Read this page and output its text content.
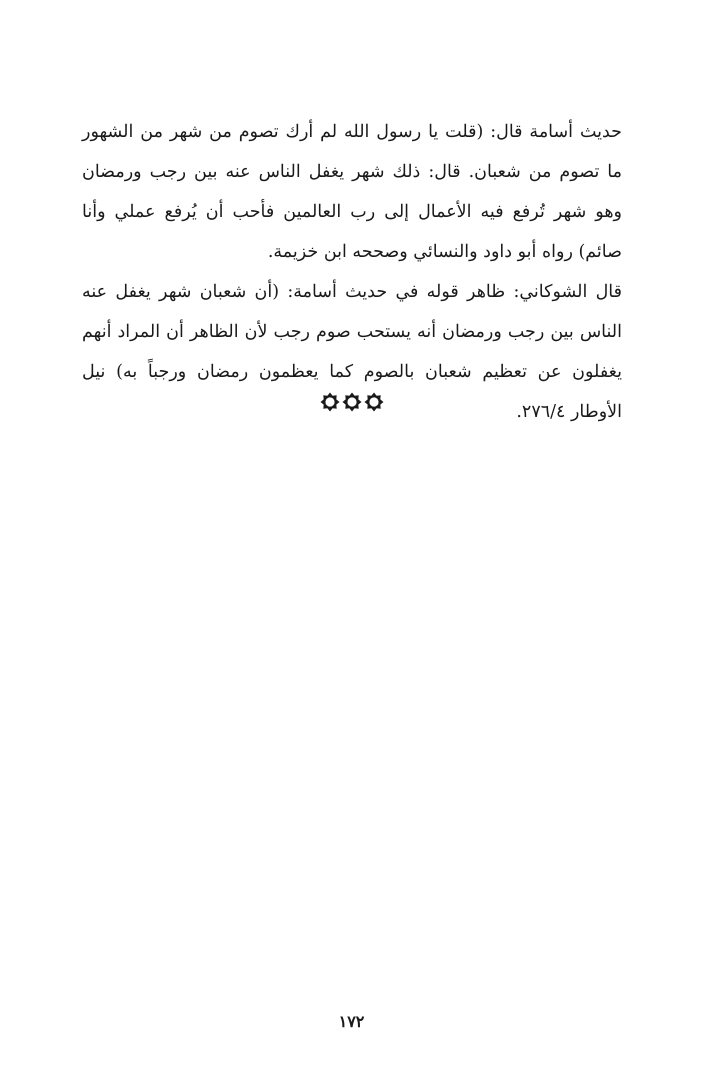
حديث أسامة قال: (قلت يا رسول الله لم أرك تصوم من شهر من الشهور ما تصوم من شعبان. قال: ذلك شهر يغفل الناس عنه بين رجب ورمضان وهو شهر تُرفع فيه الأعمال إلى رب العالمين فأحب أن يُرفع عملي وأنا صائم) رواه أبو داود والنسائي وصححه ابن خزيمة.

قال الشوكاني: ظاهر قوله في حديث أسامة: (أن شعبان شهر يغفل عنه الناس بين رجب ورمضان أنه يستحب صوم رجب لأن الظاهر أن المراد أنهم يغفلون عن تعظيم شعبان بالصوم كما يعظمون رمضان ورجباً به) نيل الأوطار ٢٧٦/٤.

١٧٢
